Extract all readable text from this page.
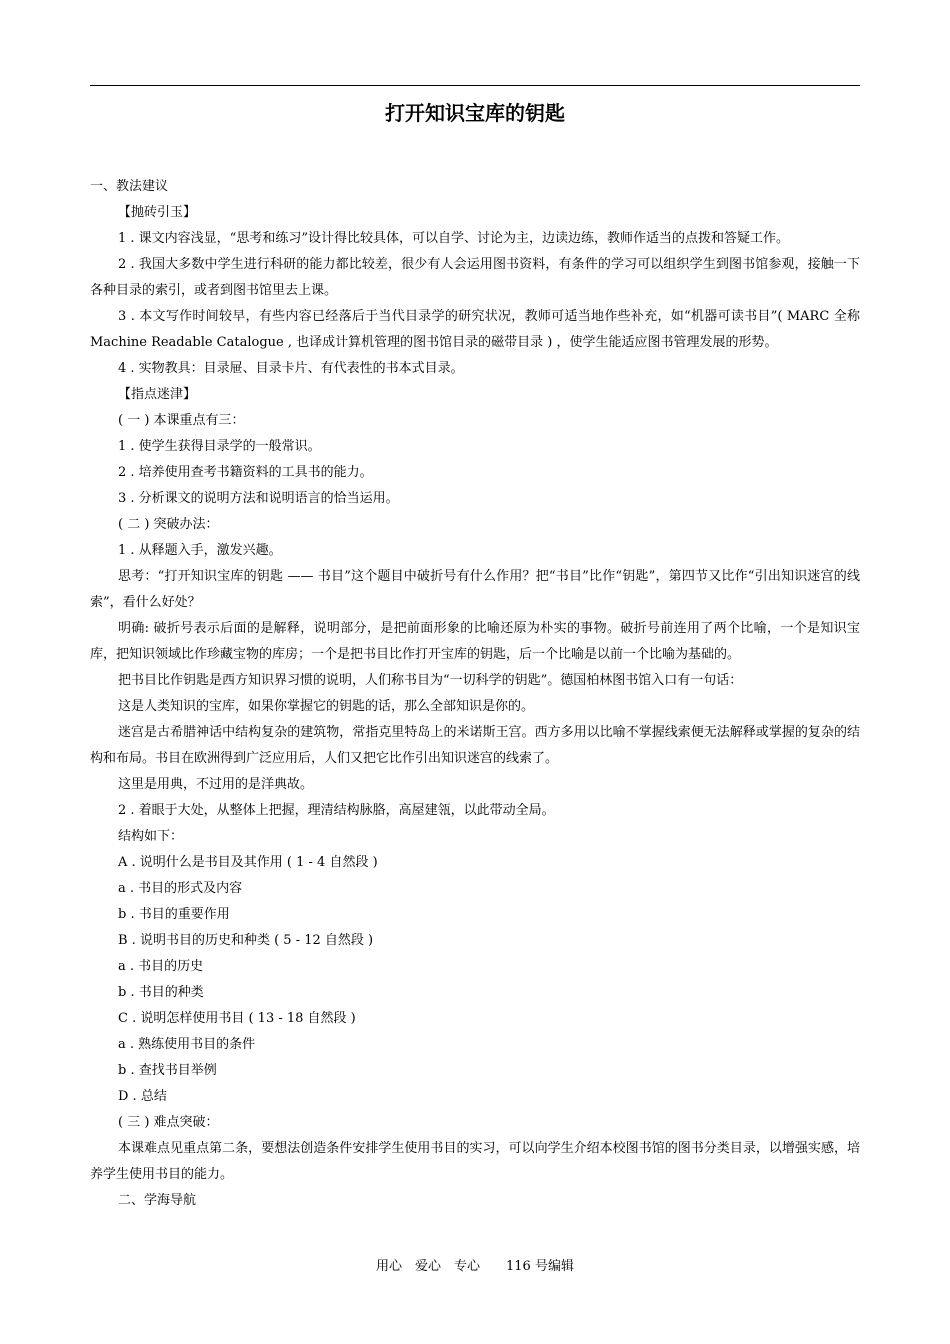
打开知识宝库的钥匙

一、教法建议

【抛砖引玉】

1 . 课文内容浅显，“思考和练习”设计得比较具体，可以自学、讨论为主，边读边练，教师作适当的点拨和答疑工作。

2 . 我国大多数中学生进行科研的能力都比较差，很少有人会运用图书资料，有条件的学习可以组织学生到图书馆参观，接触一下各种目录的索引，或者到图书馆里去上课。

3 . 本文写作时间较早，有些内容已经落后于当代目录学的研究状况，教师可适当地作些补充，如“机器可读书目”( MARC 全称 Machine Readable Catalogue , 也译成计算机管理的图书馆目录的磁带目录 ) ，使学生能适应图书管理发展的形势。

4 . 实物教具：目录屉、目录卡片、有代表性的书本式目录。

【指点迷津】

( 一 ) 本课重点有三：

1 . 使学生获得目录学的一般常识。

2 . 培养使用查考书籍资料的工具书的能力。

3 . 分析课文的说明方法和说明语言的恰当运用。

( 二 ) 突破办法：

1 . 从释题入手，激发兴趣。

思考：“打开知识宝库的钥匙 —— 书目”这个题目中破折号有什么作用？把“书目”比作“钥匙”，第四节又比作“引出知识迷宫的线索”，看什么好处？

明确: 破折号表示后面的是解释，说明部分，是把前面形象的比喻还原为朴实的事物。破折号前连用了两个比喻，一个是知识宝库，把知识领域比作珍藏宝物的库房；一个是把书目比作打开宝库的钥匙，后一个比喻是以前一个比喻为基础的。

把书目比作钥匙是西方知识界习惯的说明，人们称书目为“一切科学的钥匙”。德国柏林图书馆入口有一句话：

这是人类知识的宝库，如果你掌握它的钥匙的话，那么全部知识是你的。

迷宫是古希腊神话中结构复杂的建筑物，常指克里特岛上的米诺斯王宫。西方多用以比喻不掌握线索便无法解释或掌握的复杂的结构和布局。书目在欧洲得到广泛应用后，人们又把它比作引出知识迷宫的线索了。

这里是用典，不过用的是洋典故。

2 . 着眼于大处，从整体上把握，理清结构脉胳，高屋建瓴，以此带动全局。

结构如下：

A . 说明什么是书目及其作用 ( 1 - 4 自然段 )

a . 书目的形式及内容

b . 书目的重要作用

B . 说明书目的历史和种类 ( 5 - 12 自然段 )

a . 书目的历史

b . 书目的种类

C . 说明怎样使用书目 ( 13 - 18 自然段 )

a . 熟练使用书目的条件

b . 查找书目举例

D . 总结

( 三 ) 难点突破：

本课难点见重点第二条，要想法创造条件安排学生使用书目的实习，可以向学生介绍本校图书馆的图书分类目录，以增强实感，培养学生使用书目的能力。

二、学海导航

用心　爱心　专心　　116 号编辑
